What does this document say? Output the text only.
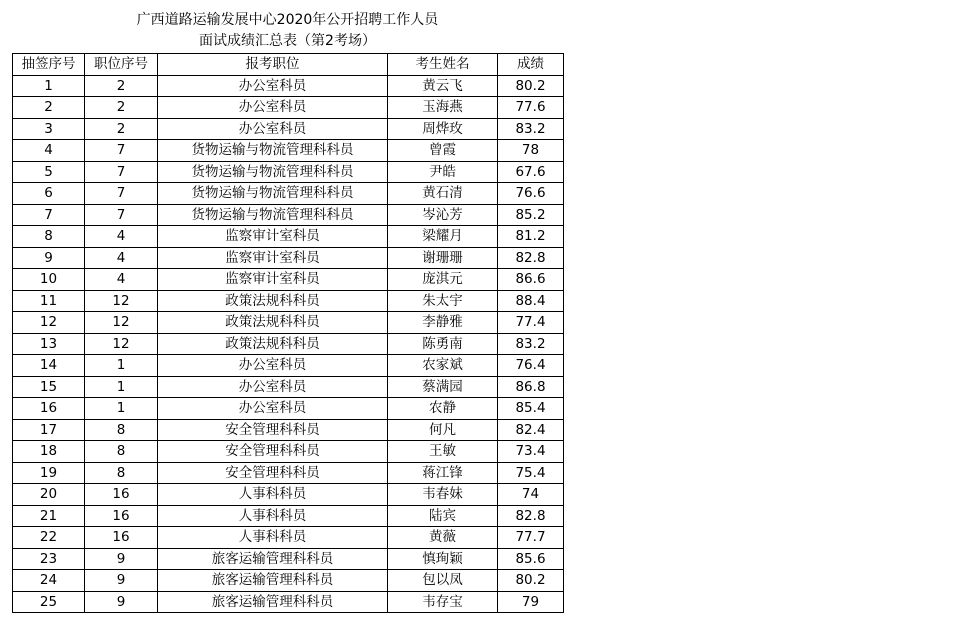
广西道路运输发展中心2020年公开招聘工作人员
面试成绩汇总表（第2考场）
抽签序号	职位序号	报考职位	考生姓名	成绩
1	2	办公室科员	黄云飞	80.2
2	2	办公室科员	玉海燕	77.6
3	2	办公室科员	周烨玫	83.2
4	7	货物运输与物流管理科科员	曾霞	78
5	7	货物运输与物流管理科科员	尹皓	67.6
6	7	货物运输与物流管理科科员	黄石清	76.6
7	7	货物运输与物流管理科科员	岑沁芳	85.2
8	4	监察审计室科员	梁耀月	81.2
9	4	监察审计室科员	谢珊珊	82.8
10	4	监察审计室科员	庞淇元	86.6
11	12	政策法规科科员	朱太宇	88.4
12	12	政策法规科科员	李静雅	77.4
13	12	政策法规科科员	陈勇南	83.2
14	1	办公室科员	农家斌	76.4
15	1	办公室科员	蔡满园	86.8
16	1	办公室科员	农静	85.4
17	8	安全管理科科员	何凡	82.4
18	8	安全管理科科员	王敏	73.4
19	8	安全管理科科员	蒋江锋	75.4
20	16	人事科科员	韦春妹	74
21	16	人事科科员	陆宾	82.8
22	16	人事科科员	黄薇	77.7
23	9	旅客运输管理科科员	慎珣颖	85.6
24	9	旅客运输管理科科员	包以凤	80.2
25	9	旅客运输管理科科员	韦存宝	79
